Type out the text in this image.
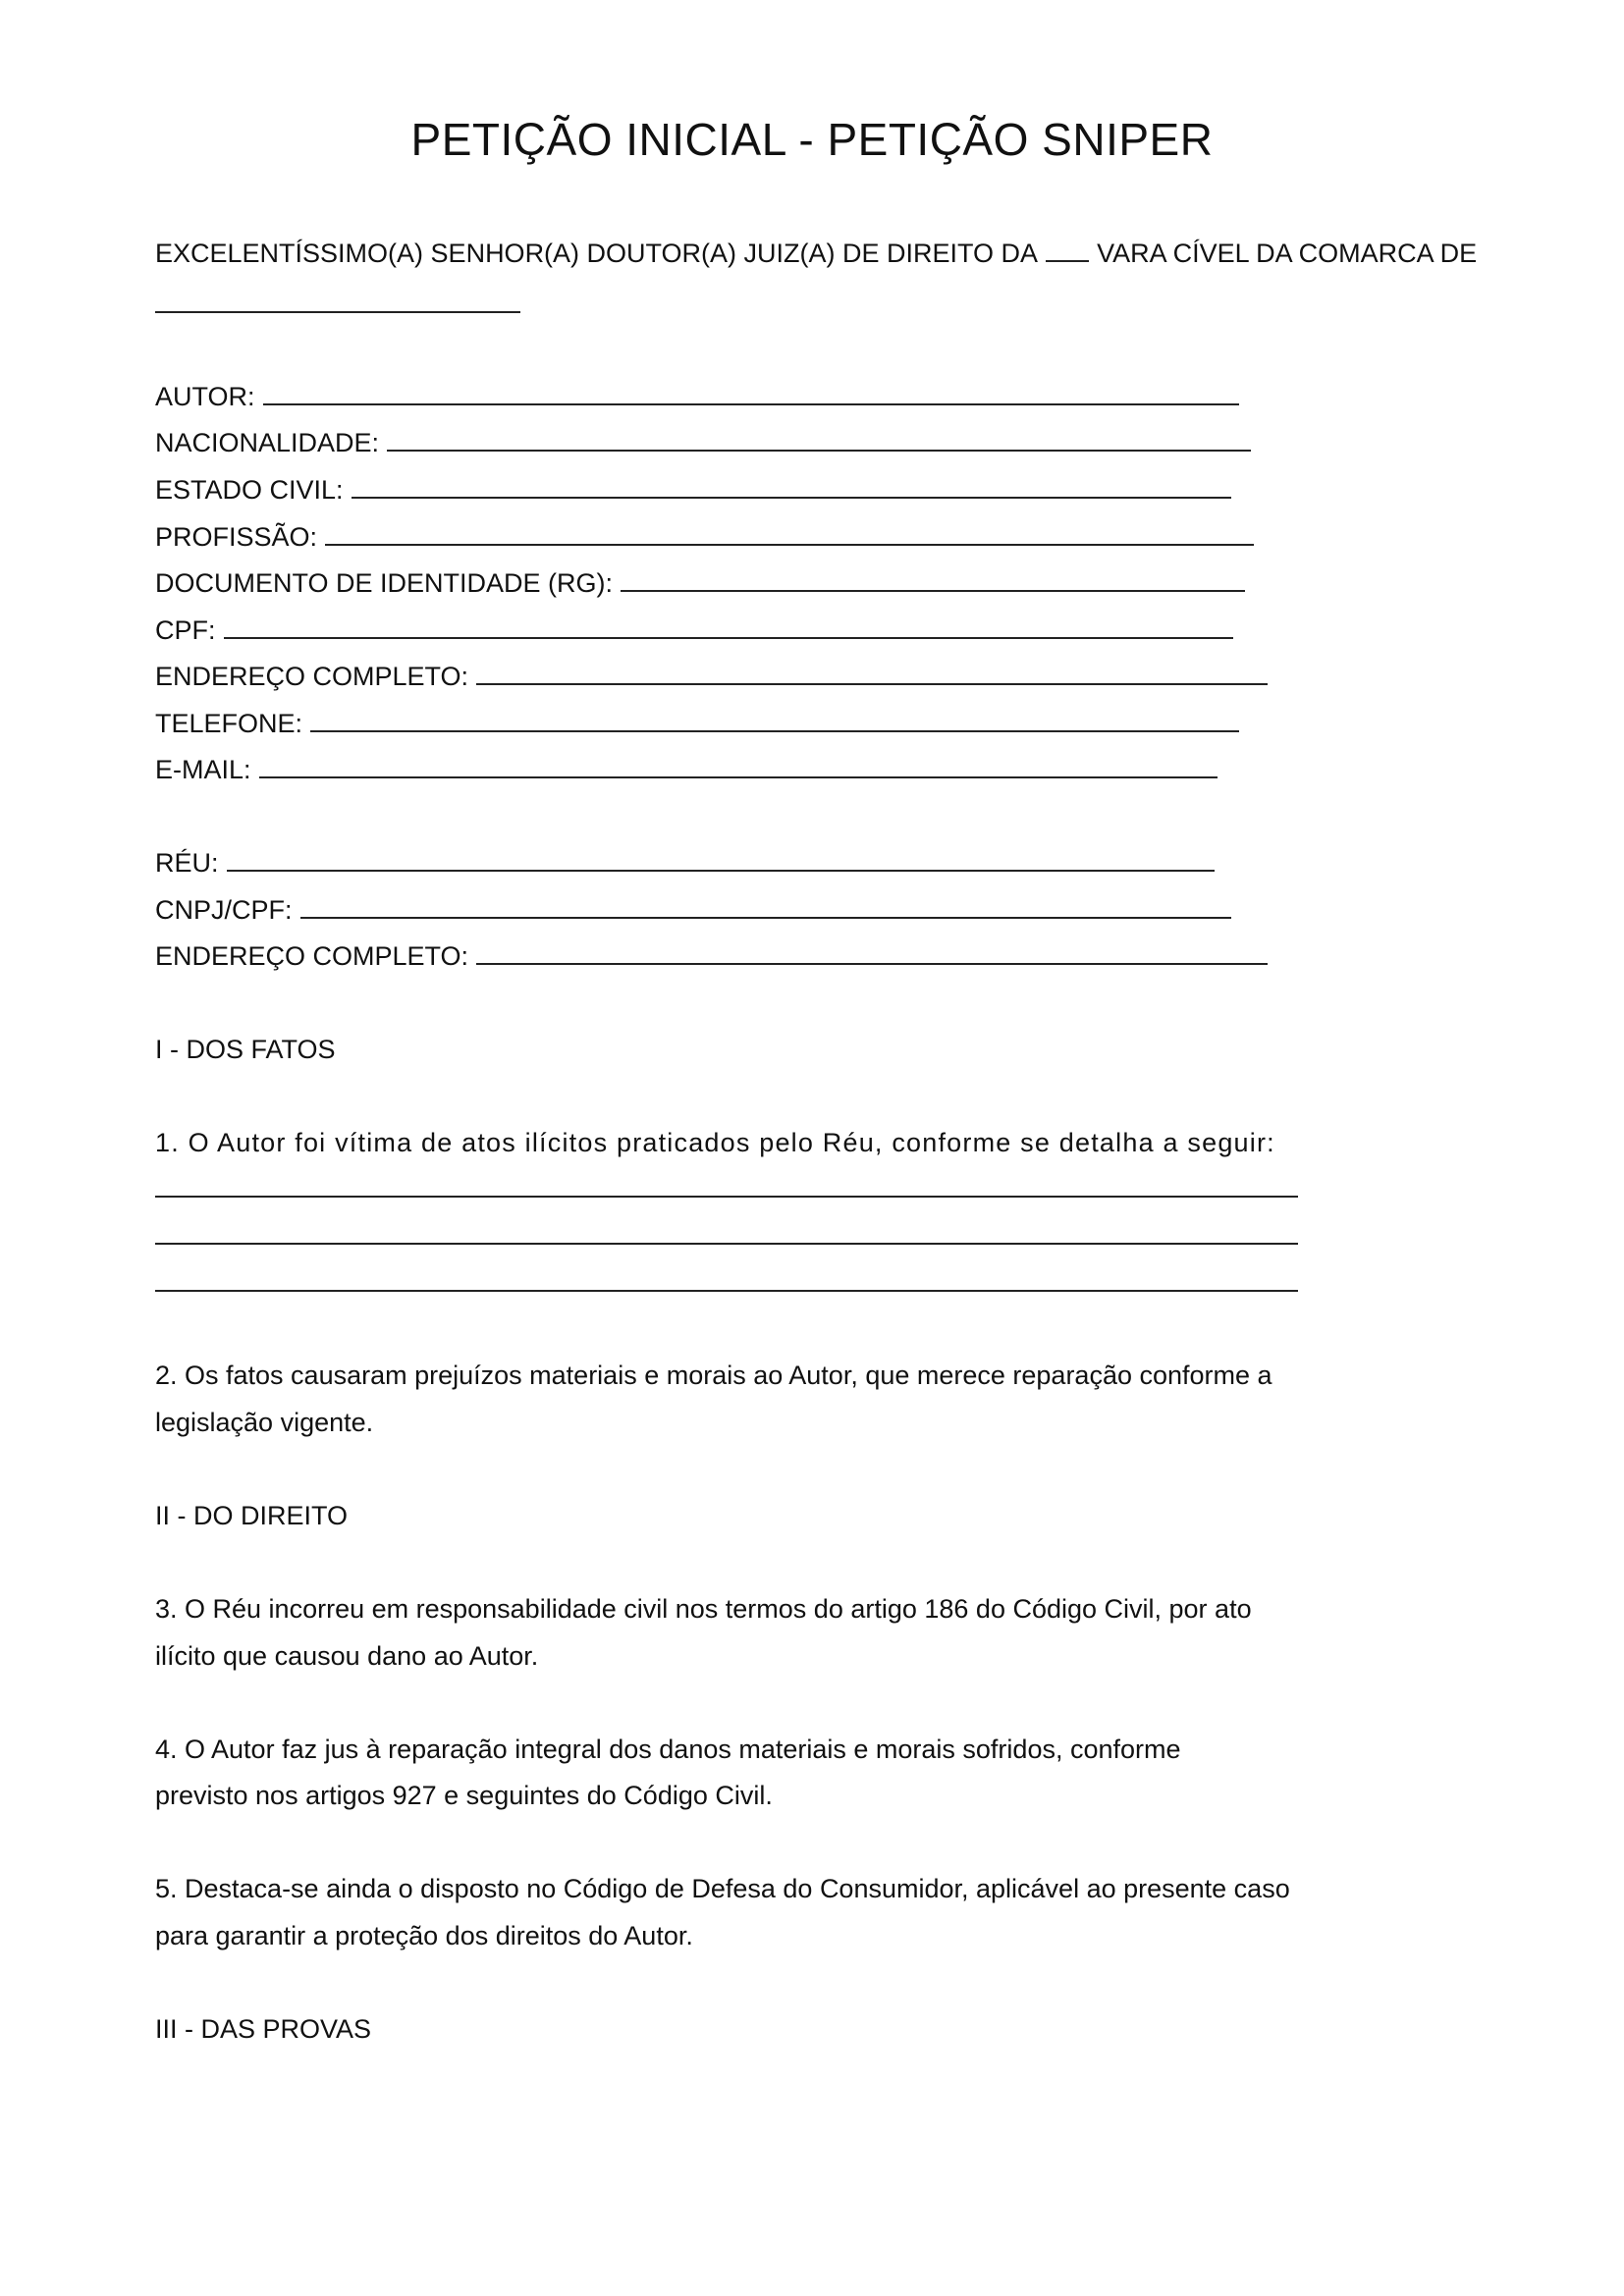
PETIÇÃO INICIAL - PETIÇÃO SNIPER
EXCELENTÍSSIMO(A) SENHOR(A) DOUTOR(A) JUIZ(A) DE DIREITO DA VARA CÍVEL DA COMARCA DE
AUTOR:
NACIONALIDADE:
ESTADO CIVIL:
PROFISSÃO:
DOCUMENTO DE IDENTIDADE (RG):
CPF:
ENDEREÇO COMPLETO:
TELEFONE:
E-MAIL:
RÉU:
CNPJ/CPF:
ENDEREÇO COMPLETO:
I - DOS FATOS
1. O Autor foi vítima de atos ilícitos praticados pelo Réu, conforme se detalha a seguir:
2. Os fatos causaram prejuízos materiais e morais ao Autor, que merece reparação conforme a
legislação vigente.
II - DO DIREITO
3. O Réu incorreu em responsabilidade civil nos termos do artigo 186 do Código Civil, por ato
ilícito que causou dano ao Autor.
4. O Autor faz jus à reparação integral dos danos materiais e morais sofridos, conforme
previsto nos artigos 927 e seguintes do Código Civil.
5. Destaca-se ainda o disposto no Código de Defesa do Consumidor, aplicável ao presente caso
para garantir a proteção dos direitos do Autor.
III - DAS PROVAS
